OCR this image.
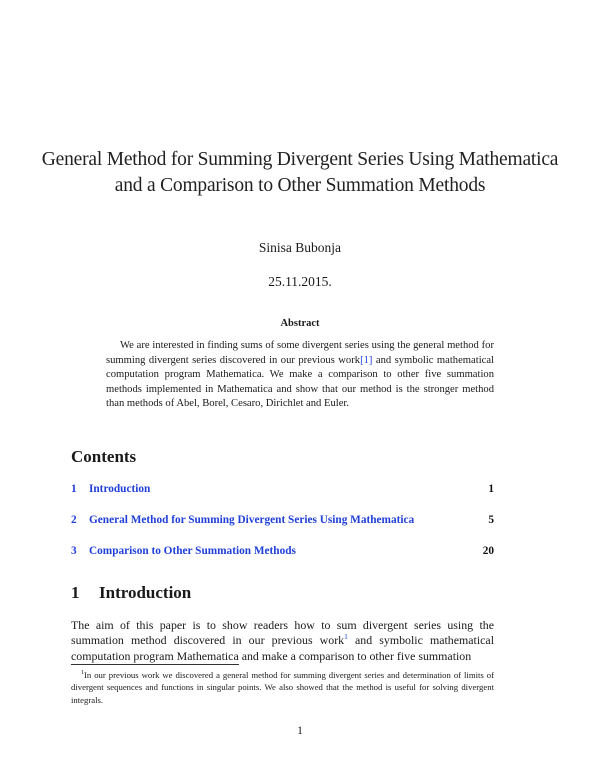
General Method for Summing Divergent Series Using Mathematica and a Comparison to Other Summation Methods
Sinisa Bubonja
25.11.2015.
Abstract
We are interested in finding sums of some divergent series using the general method for summing divergent series discovered in our previous work[1] and symbolic mathematical computation program Mathematica. We make a comparison to other five summation methods implemented in Mathematica and show that our method is the stronger method than methods of Abel, Borel, Cesaro, Dirichlet and Euler.
Contents
1 Introduction	1
2 General Method for Summing Divergent Series Using Mathematica	5
3 Comparison to Other Summation Methods	20
1 Introduction
The aim of this paper is to show readers how to sum divergent series using the summation method discovered in our previous work$^1$ and symbolic mathematical computation program Mathematica and make a comparison to other five summation
$^1$In our previous work we discovered a general method for summing divergent series and determination of limits of divergent sequences and functions in singular points. We also showed that the method is useful for solving divergent integrals.
1
